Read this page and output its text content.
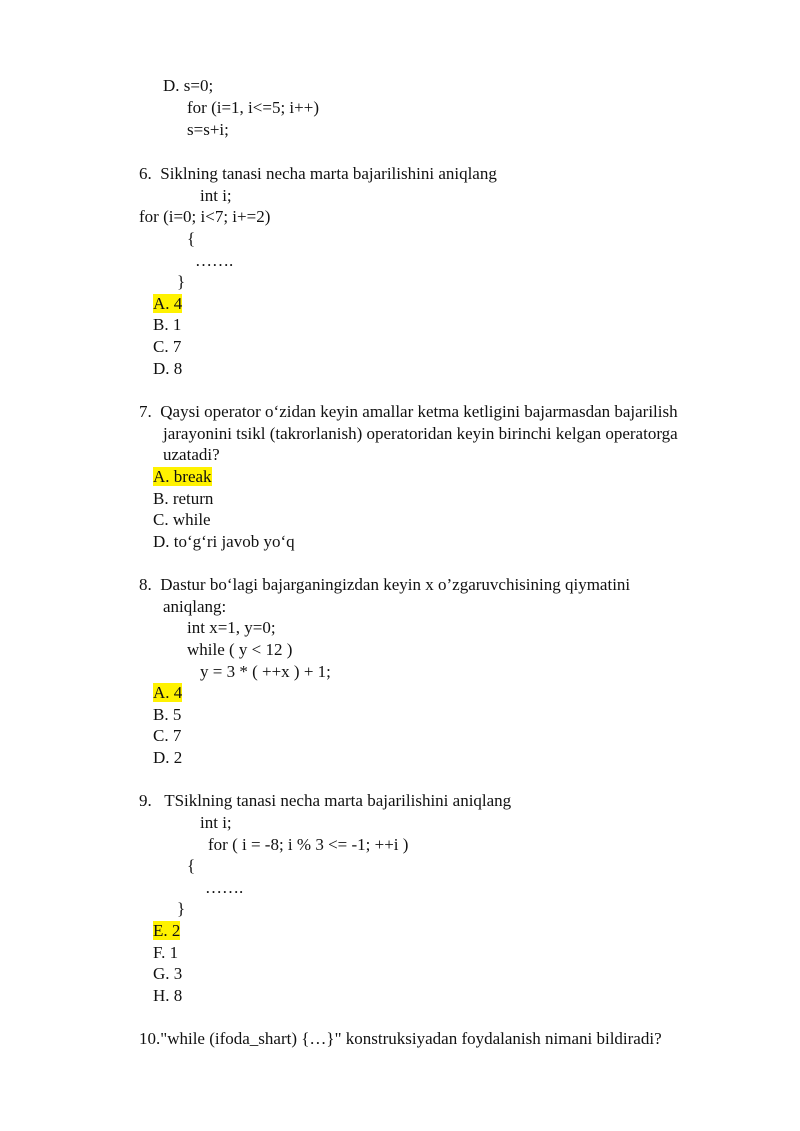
D. s=0;
for (i=1, i<=5; i++)
s=s+i;
6.  Siklning tanasi necha marta bajarilishini aniqlang
int i;
for (i=0; i<7; i+=2)
{
…….
}
A. 4
B. 1
C. 7
D. 8
7.  Qaysi operator o‘zidan keyin amallar ketma ketligini bajarmasdan bajarilish
jarayonini tsikl (takrorlanish) operatoridan keyin birinchi kelgan operatorga
uzatadi?
A. break
B. return
C. while
D. to‘g‘ri javob yo‘q
8.  Dastur bo‘lagi bajarganingizdan keyin x o’zgaruvchisining qiymatini
aniqlang:
int x=1, y=0;
while ( y < 12 )
y = 3 * ( ++x ) + 1;
A. 4
B. 5
C. 7
D. 2
9.   TSiklning tanasi necha marta bajarilishini aniqlang
int i;
for ( i = -8; i % 3 <= -1; ++i )
{
…….
}
E. 2
F. 1
G. 3
H. 8
10."while (ifoda_shart) {…}" konstruksiyadan foydalanish nimani bildiradi?
